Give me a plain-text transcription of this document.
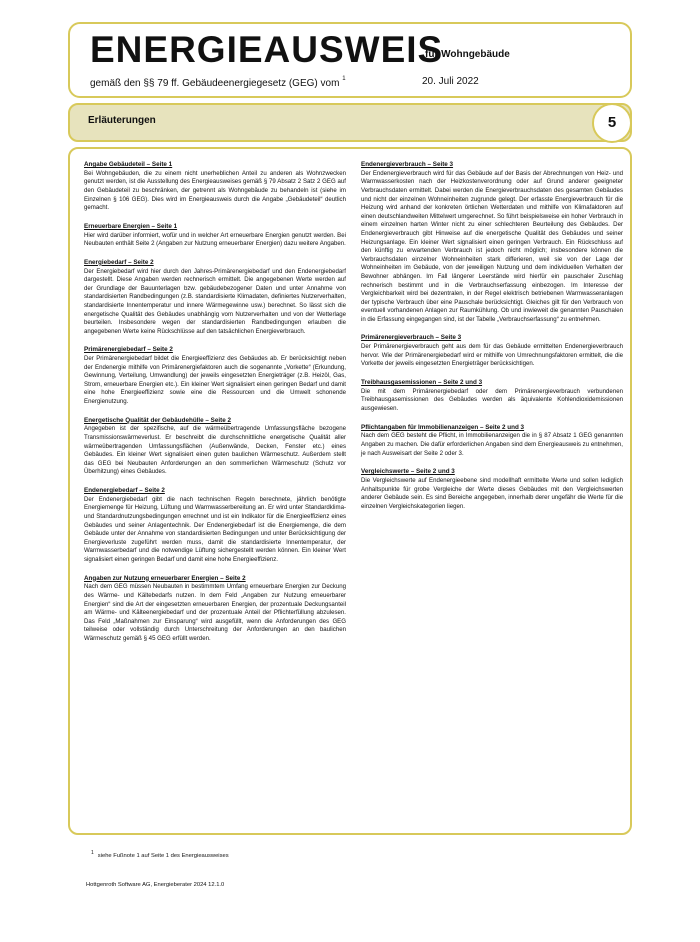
ENERGIEAUSWEIS
für Wohngebäude
gemäß den §§ 79 ff. Gebäudeenergiegesetz (GEG) vom $^1$	20. Juli 2022
Erläuterungen	5
Angabe Gebäudeteil – Seite 1

Bei Wohngebäuden, die zu einem nicht unerheblichen Anteil zu anderen als Wohnzwecken genutzt werden, ist die Ausstellung des Energieausweises gemäß § 79 Absatz 2 Satz 2 GEG auf den Gebäudeteil zu beschränken, der getrennt als Wohngebäude zu behandeln ist (siehe im Einzelnen § 106 GEG). Dies wird im Energieausweis durch die Angabe „Gebäudeteil“ deutlich gemacht.

Erneuerbare Energien – Seite 1

Hier wird darüber informiert, wofür und in welcher Art erneuerbare Energien genutzt werden. Bei Neubauten enthält Seite 2 (Angaben zur Nutzung erneuerbarer Energien) dazu weitere Angaben.

Energiebedarf – Seite 2

Der Energiebedarf wird hier durch den Jahres-Primärenergiebedarf und den Endenergiebedarf dargestellt. Diese Angaben werden rechnerisch ermittelt. Die angegebenen Werte werden auf der Grundlage der Bauunterlagen bzw. gebäudebezogener Daten und unter Annahme von standardisierten Randbedingungen (z.B. standardisierte Klimadaten, definiertes Nutzerverhalten, standardisierte Innentemperatur und innere Wärmegewinne usw.) berechnet. So lässt sich die energetische Qualität des Gebäudes unabhängig vom Nutzerverhalten und von der Wetterlage beurteilen. Insbesondere wegen der standardisierten Randbedingungen erlauben die angegebenen Werte keine Rückschlüsse auf den tatsächlichen Energieverbrauch.

Primärenergiebedarf – Seite 2

Der Primärenergiebedarf bildet die Energieeffizienz des Gebäudes ab. Er berücksichtigt neben der Endenergie mithilfe von Primärenergiefaktoren auch die sogenannte „Vorkette“ (Erkundung, Gewinnung, Verteilung, Umwandlung) der jeweils eingesetzten Energieträger (z.B. Heizöl, Gas, Strom, erneuerbare Energien etc.). Ein kleiner Wert signalisiert einen geringen Bedarf und damit eine hohe Energieeffizienz sowie eine die Ressourcen und die Umwelt schonende Energienutzung.

Energetische Qualität der Gebäudehülle – Seite 2

Angegeben ist der spezifische, auf die wärmeübertragende Umfassungsfläche bezogene Transmissionswärmeverlust. Er beschreibt die durchschnittliche energetische Qualität aller wärmeübertragenden Umfassungsflächen (Außenwände, Decken, Fenster etc.) eines Gebäudes. Ein kleiner Wert signalisiert einen guten baulichen Wärmeschutz. Außerdem stellt das GEG bei Neubauten Anforderungen an den sommerlichen Wärmeschutz (Schutz vor Überhitzung) eines Gebäudes.

Endenergiebedarf – Seite 2

Der Endenergiebedarf gibt die nach technischen Regeln berechnete, jährlich benötigte Energiemenge für Heizung, Lüftung und Warmwasserbereitung an. Er wird unter Standardklima- und Standardnutzungsbedingungen errechnet und ist ein Indikator für die Energieeffizienz eines Gebäudes und seiner Anlagentechnik. Der Endenergiebedarf ist die Energiemenge, die dem Gebäude unter der Annahme von standardisierten Bedingungen und unter Berücksichtigung der Energieverluste zugeführt werden muss, damit die standardisierte Innentemperatur, der Warmwasserbedarf und die notwendige Lüftung sichergestellt werden können. Ein kleiner Wert signalisiert einen geringen Bedarf und damit eine hohe Energieeffizienz.

Angaben zur Nutzung erneuerbarer Energien – Seite 2

Nach dem GEG müssen Neubauten in bestimmtem Umfang erneuerbare Energien zur Deckung des Wärme- und Kältebedarfs nutzen. In dem Feld „Angaben zur Nutzung erneuerbarer Energien“ sind die Art der eingesetzten erneuerbaren Energien, der prozentuale Deckungsanteil am Wärme- und Kälteenergiebedarf und der prozentuale Anteil der Pflichterfüllung abzulesen. Das Feld „Maßnahmen zur Einsparung“ wird ausgefüllt, wenn die Anforderungen des GEG teilweise oder vollständig durch Unterschreitung der Anforderungen an den baulichen Wärmeschutz gemäß § 45 GEG erfüllt werden.

Endenergieverbrauch – Seite 3

Der Endenergieverbrauch wird für das Gebäude auf der Basis der Abrechnungen von Heiz- und Warmwasserkosten nach der Heizkostenverordnung oder auf Grund anderer geeigneter Verbrauchsdaten ermittelt. Dabei werden die Energieverbrauchsdaten des gesamten Gebäudes und nicht der einzelnen Wohneinheiten zugrunde gelegt. Der erfasste Energieverbrauch für die Heizung wird anhand der konkreten örtlichen Wetterdaten und mithilfe von Klimafaktoren auf einen deutschlandweiten Mittelwert umgerechnet. So führt beispielsweise ein hoher Verbrauch in einem einzelnen harten Winter nicht zu einer schlechteren Beurteilung des Gebäudes. Der Endenergieverbrauch gibt Hinweise auf die energetische Qualität des Gebäudes und seiner Heizungsanlage. Ein kleiner Wert signalisiert einen geringen Verbrauch. Ein Rückschluss auf den künftig zu erwartenden Verbrauch ist jedoch nicht möglich; insbesondere können die Verbrauchsdaten einzelner Wohneinheiten stark differieren, weil sie von der Lage der Wohneinheiten im Gebäude, von der jeweiligen Nutzung und dem individuellen Verhalten der Bewohner abhängen. Im Fall längerer Leerstände wird hierfür ein pauschaler Zuschlag rechnerisch bestimmt und in die Verbrauchserfassung einbezogen. Im Interesse der Vergleichbarkeit wird bei dezentralen, in der Regel elektrisch betriebenen Warmwasseranlagen der typische Verbrauch über eine Pauschale berücksichtigt. Gleiches gilt für den Verbrauch von eventuell vorhandenen Anlagen zur Raumkühlung. Ob und inwieweit die genannten Pauschalen in die Erfassung eingegangen sind, ist der Tabelle „Verbrauchserfassung“ zu entnehmen.

Primärenergieverbrauch – Seite 3

Der Primärenergieverbrauch geht aus dem für das Gebäude ermittelten Endenergieverbrauch hervor. Wie der Primärenergiebedarf wird er mithilfe von Umrechnungsfaktoren ermittelt, die die Vorkette der jeweils eingesetzten Energieträger berücksichtigen.

Treibhausgasemissionen – Seite 2 und 3

Die mit dem Primärenergiebedarf oder dem Primärenergieverbrauch verbundenen Treibhausgasemissionen des Gebäudes werden als äquivalente Kohlendioxidemissionen ausgewiesen.

Pflichtangaben für Immobilienanzeigen – Seite 2 und 3

Nach dem GEG besteht die Pflicht, in Immobilienanzeigen die in § 87 Absatz 1 GEG genannten Angaben zu machen. Die dafür erforderlichen Angaben sind dem Energieausweis zu entnehmen, je nach Ausweisart der Seite 2 oder 3.

Vergleichswerte – Seite 2 und 3

Die Vergleichswerte auf Endenergieebene sind modellhaft ermittelte Werte und sollen lediglich Anhaltspunkte für grobe Vergleiche der Werte dieses Gebäudes mit den Vergleichswerten anderer Gebäude sein. Es sind Bereiche angegeben, innerhalb derer ungefähr die Werte für die einzelnen Vergleichskategorien liegen.

$^1$ siehe Fußnote 1 auf Seite 1 des Energieausweises
Hottgenroth Software AG, Energieberater 2024 12.1.0
